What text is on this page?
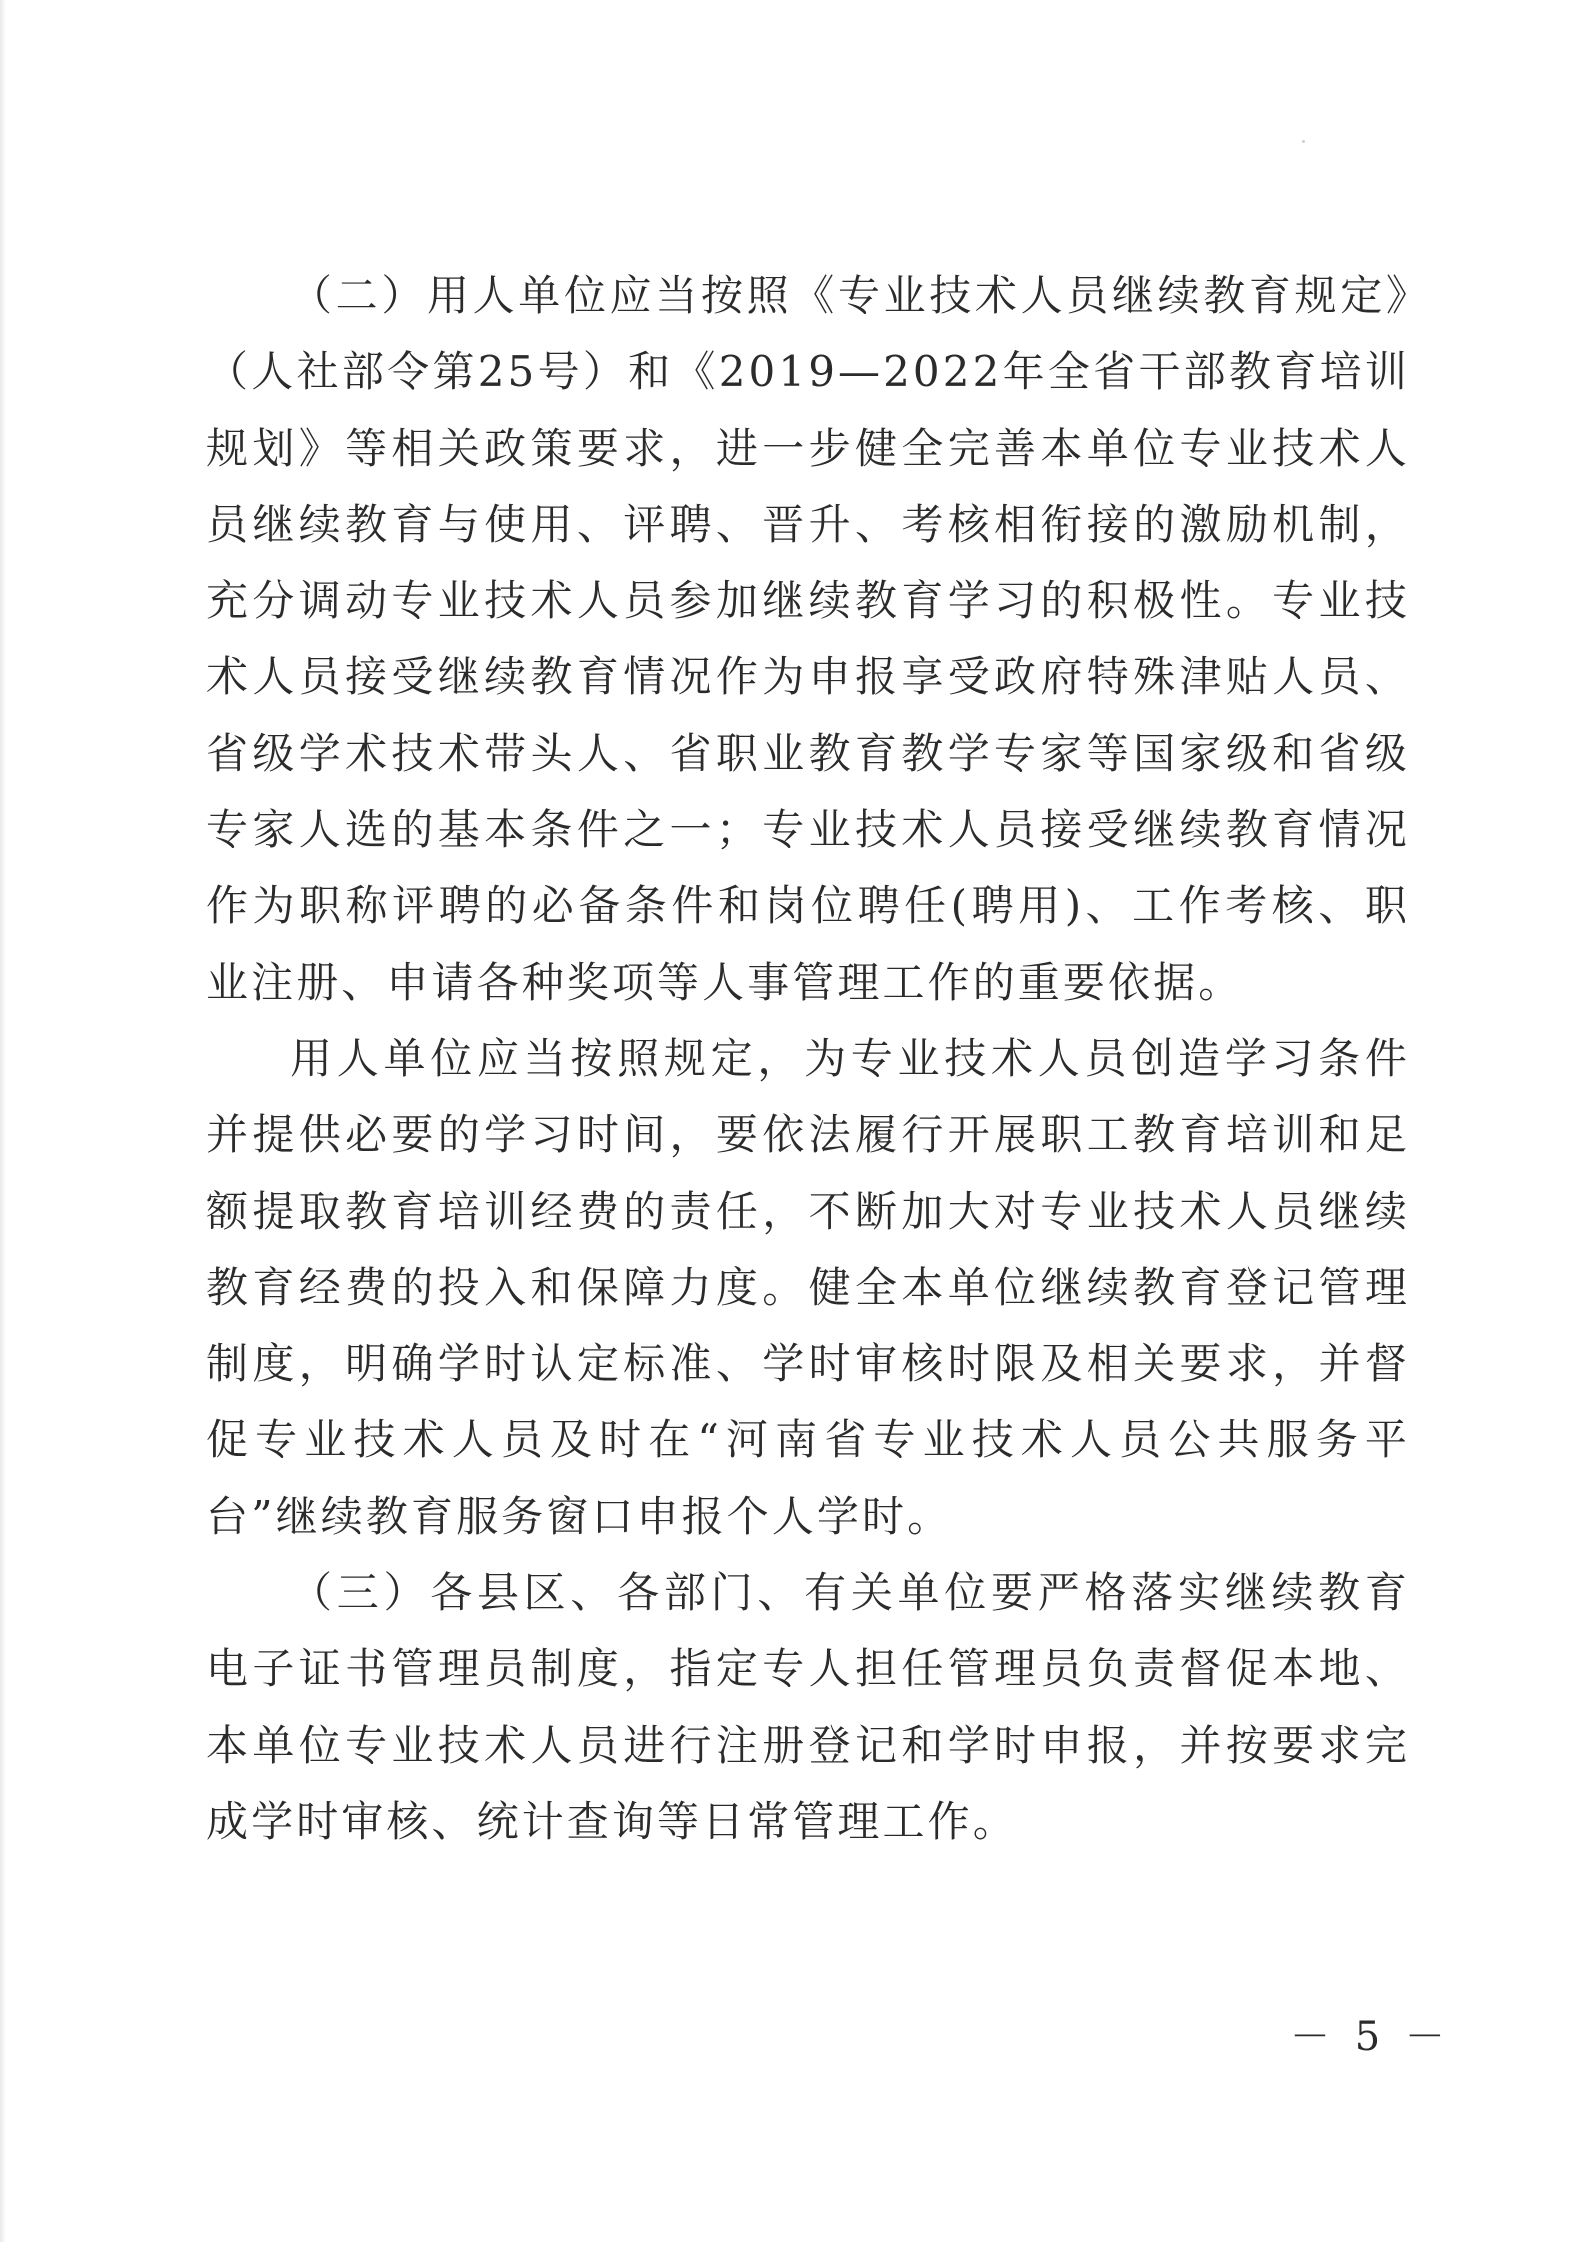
（二）用人单位应当按照《专业技术人员继续教育规定》（人社部令第25号）和《2019—2022年全省干部教育培训规划》等相关政策要求，进一步健全完善本单位专业技术人员继续教育与使用、评聘、晋升、考核相衔接的激励机制，充分调动专业技术人员参加继续教育学习的积极性。专业技术人员接受继续教育情况作为申报享受政府特殊津贴人员、省级学术技术带头人、省职业教育教学专家等国家级和省级专家人选的基本条件之一；专业技术人员接受继续教育情况作为职称评聘的必备条件和岗位聘任(聘用)、工作考核、职业注册、申请各种奖项等人事管理工作的重要依据。

用人单位应当按照规定，为专业技术人员创造学习条件并提供必要的学习时间，要依法履行开展职工教育培训和足额提取教育培训经费的责任，不断加大对专业技术人员继续教育经费的投入和保障力度。健全本单位继续教育登记管理制度，明确学时认定标准、学时审核时限及相关要求，并督促专业技术人员及时在“河南省专业技术人员公共服务平台”继续教育服务窗口申报个人学时。

（三）各县区、各部门、有关单位要严格落实继续教育电子证书管理员制度，指定专人担任管理员负责督促本地、本单位专业技术人员进行注册登记和学时申报，并按要求完成学时审核、统计查询等日常管理工作。

－ 5 －
